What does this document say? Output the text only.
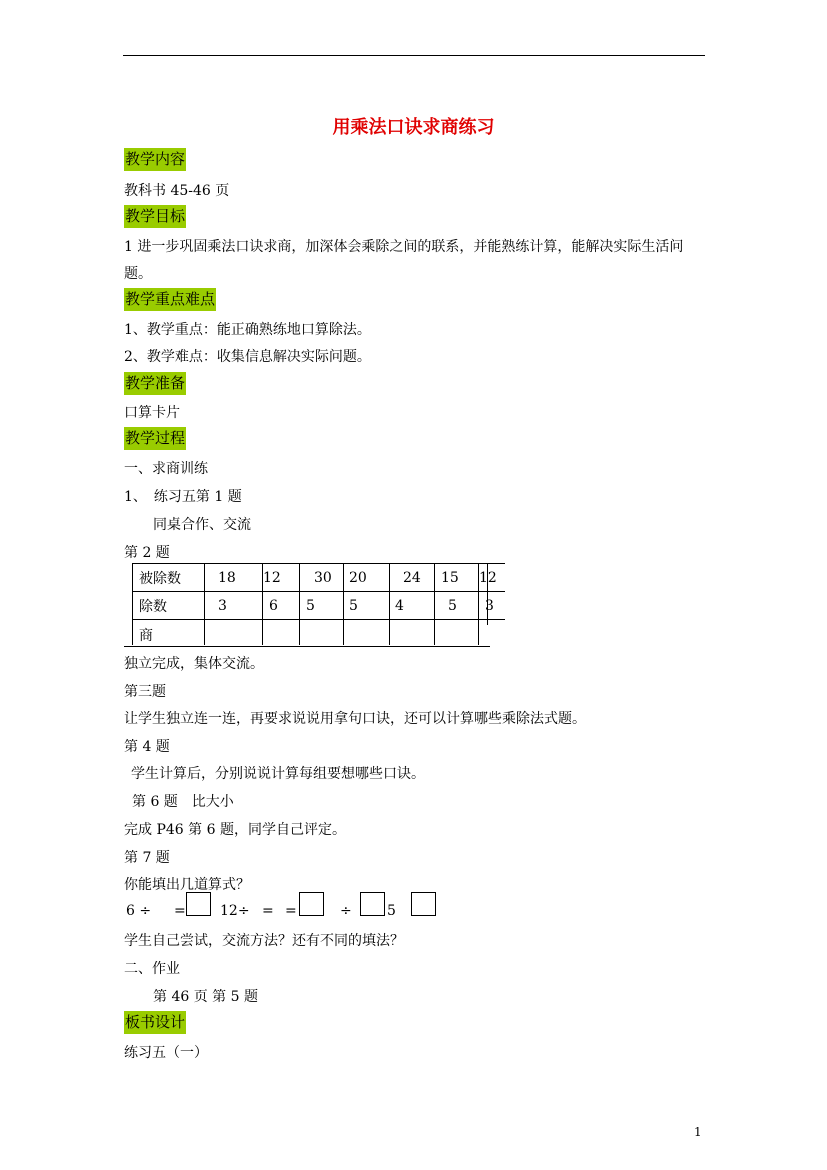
用乘法口诀求商练习
教学内容
教科书 45-46 页
教学目标
1 进一步巩固乘法口诀求商，加深体会乘除之间的联系，并能熟练计算，能解决实际生活问
题。
教学重点难点
1、教学重点：能正确熟练地口算除法。
2、教学难点：收集信息解决实际问题。
教学准备
口算卡片
教学过程
一、求商训练
1、　练习五第 1 题
同桌合作、交流
第 2 题
被除数	18	12	30	20	24	15	12
除数	3	6	5	5	4	5	3
商							
独立完成，集体交流。
第三题
让学生独立连一连，再要求说说用拿句口诀，还可以计算哪些乘除法式题。
第 4 题
学生计算后，分别说说计算每组要想哪些口诀。
第 6 题　比大小
完成 P46 第 6 题，同学自己评定。
第 7 题
你能填出几道算式？
6 ÷ = 12÷ = =	÷	5
学生自己尝试，交流方法？还有不同的填法？
二、作业
第 46 页 第 5 题
板书设计
练习五（一）
1
